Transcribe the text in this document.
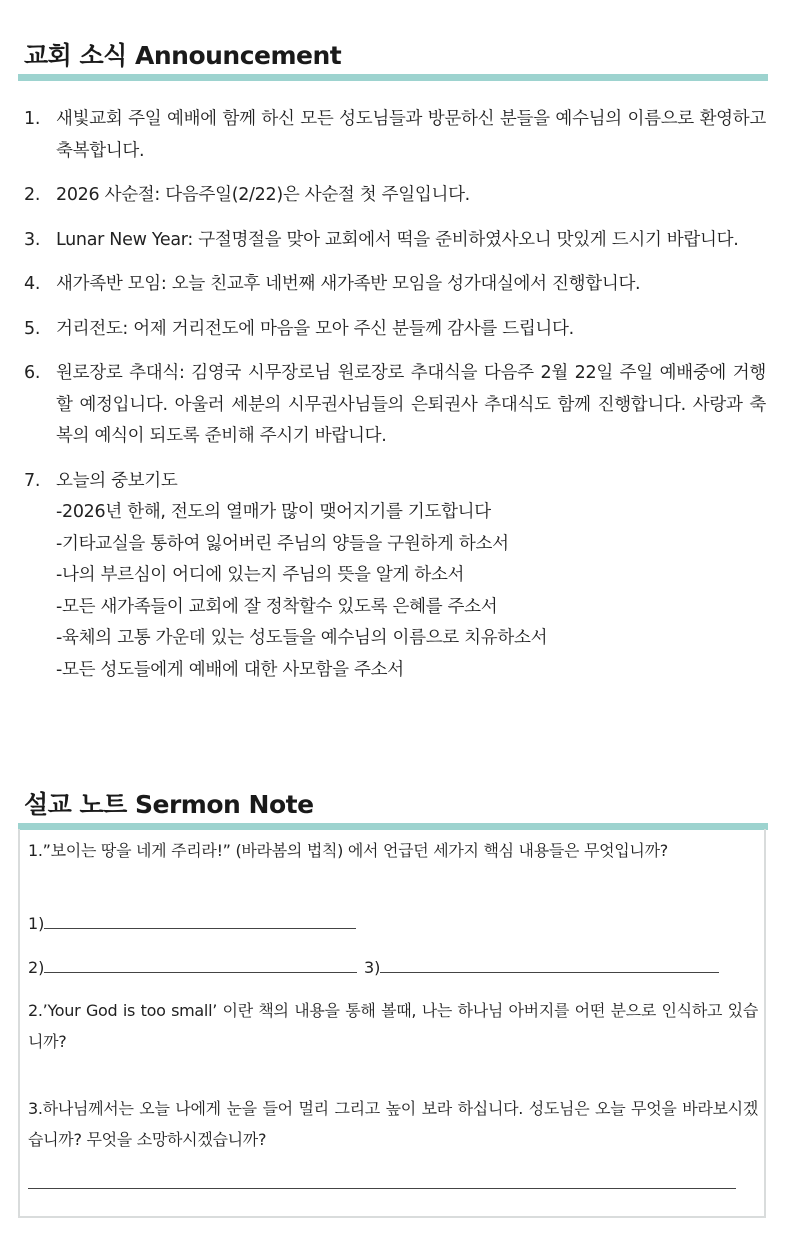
교회 소식 Announcement
1. 새빛교회 주일 예배에 함께 하신 모든 성도님들과 방문하신 분들을 예수님의 이름으로 환영하고 축복합니다.
2. 2026 사순절: 다음주일(2/22)은 사순절 첫 주일입니다.
3. Lunar New Year: 구절명절을 맞아 교회에서 떡을 준비하였사오니 맛있게 드시기 바랍니다.
4. 새가족반 모임: 오늘 친교후 네번째 새가족반 모임을 성가대실에서 진행합니다.
5. 거리전도: 어제 거리전도에 마음을 모아 주신 분들께 감사를 드립니다.
6. 원로장로 추대식: 김영국 시무장로님 원로장로 추대식을 다음주 2월 22일 주일 예배중에 거행할 예정입니다. 아울러 세분의 시무권사님들의 은퇴권사 추대식도 함께 진행합니다. 사랑과 축복의 예식이 되도록 준비해 주시기 바랍니다.
7. 오늘의 중보기도
-2026년 한해, 전도의 열매가 많이 맺어지기를 기도합니다
-기타교실을 통하여 잃어버린 주님의 양들을 구원하게 하소서
-나의 부르심이 어디에 있는지 주님의 뜻을 알게 하소서
-모든 새가족들이 교회에 잘 정착할수 있도록 은혜를 주소서
-육체의 고통 가운데 있는 성도들을 예수님의 이름으로 치유하소서
-모든 성도들에게 예배에 대한 사모함을 주소서
설교 노트 Sermon Note
1.”보이는 땅을 네게 주리라!” (바라봄의 법칙) 에서 언급던 세가지 핵심 내용들은 무엇입니까?
1)
2)	3)
2.’Your God is too small’ 이란 책의 내용을 통해 볼때, 나는 하나님 아버지를 어떤 분으로 인식하고 있습니까?
3.하나님께서는 오늘 나에게 눈을 들어 멀리 그리고 높이 보라 하십니다. 성도님은 오늘 무엇을 바라보시겠습니까? 무엇을 소망하시겠습니까?
